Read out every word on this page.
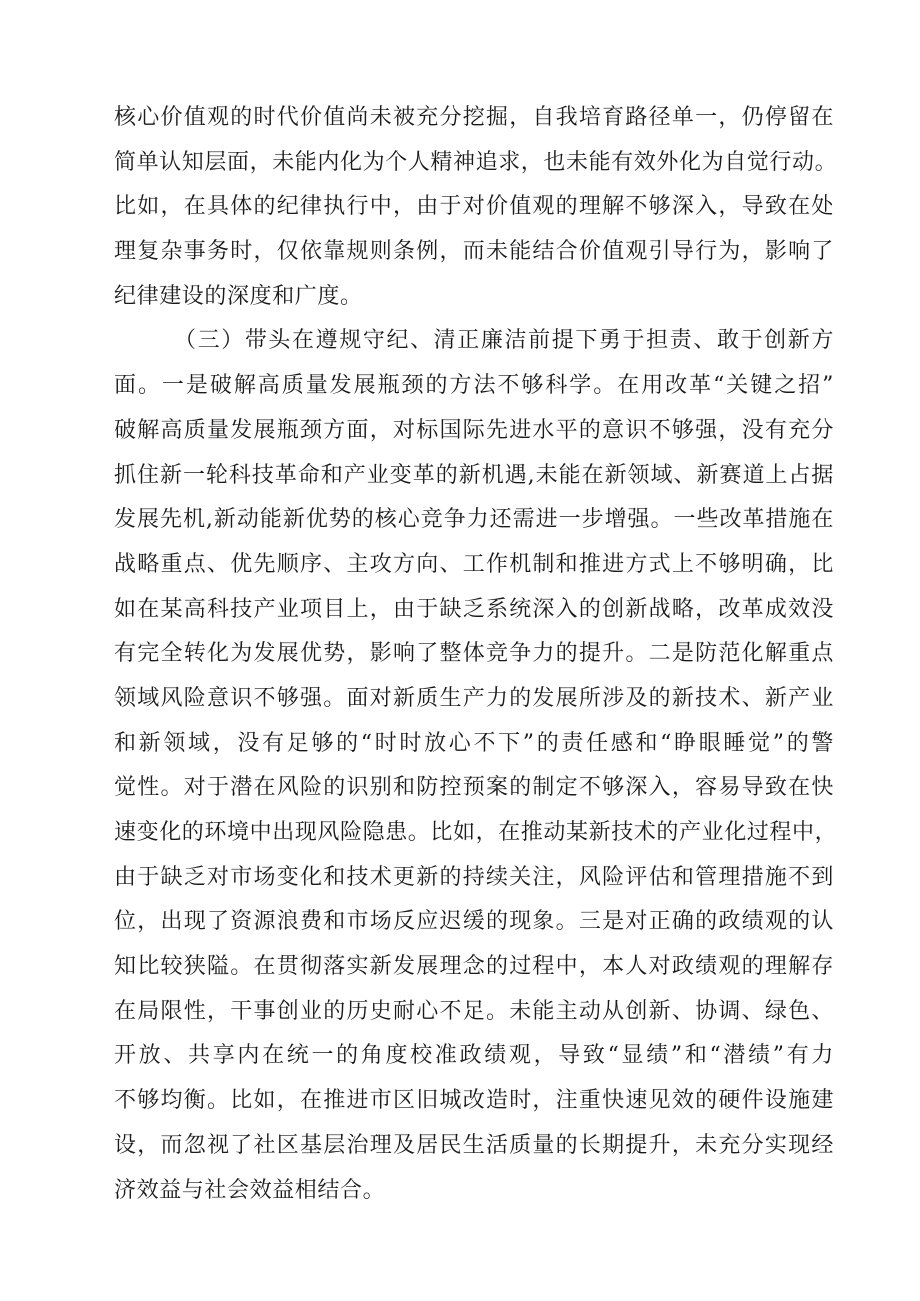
核心价值观的时代价值尚未被充分挖掘，自我培育路径单一，仍停留在
简单认知层面，未能内化为个人精神追求，也未能有效外化为自觉行动。
比如，在具体的纪律执行中，由于对价值观的理解不够深入，导致在处
理复杂事务时，仅依靠规则条例，而未能结合价值观引导行为，影响了
纪律建设的深度和广度。
（三）带头在遵规守纪、清正廉洁前提下勇于担责、敢于创新方
面。一是破解高质量发展瓶颈的方法不够科学。在用改革“关键之招”
破解高质量发展瓶颈方面，对标国际先进水平的意识不够强，没有充分
抓住新一轮科技革命和产业变革的新机遇,未能在新领域、新赛道上占据
发展先机,新动能新优势的核心竞争力还需进一步增强。一些改革措施在
战略重点、优先顺序、主攻方向、工作机制和推进方式上不够明确，比
如在某高科技产业项目上，由于缺乏系统深入的创新战略，改革成效没
有完全转化为发展优势，影响了整体竞争力的提升。二是防范化解重点
领域风险意识不够强。面对新质生产力的发展所涉及的新技术、新产业
和新领域，没有足够的“时时放心不下”的责任感和“睁眼睡觉”的警
觉性。对于潜在风险的识别和防控预案的制定不够深入，容易导致在快
速变化的环境中出现风险隐患。比如，在推动某新技术的产业化过程中，
由于缺乏对市场变化和技术更新的持续关注，风险评估和管理措施不到
位，出现了资源浪费和市场反应迟缓的现象。三是对正确的政绩观的认
知比较狭隘。在贯彻落实新发展理念的过程中，本人对政绩观的理解存
在局限性，干事创业的历史耐心不足。未能主动从创新、协调、绿色、
开放、共享内在统一的角度校准政绩观，导致“显绩”和“潜绩”有力
不够均衡。比如，在推进市区旧城改造时，注重快速见效的硬件设施建
设，而忽视了社区基层治理及居民生活质量的长期提升，未充分实现经
济效益与社会效益相结合。
